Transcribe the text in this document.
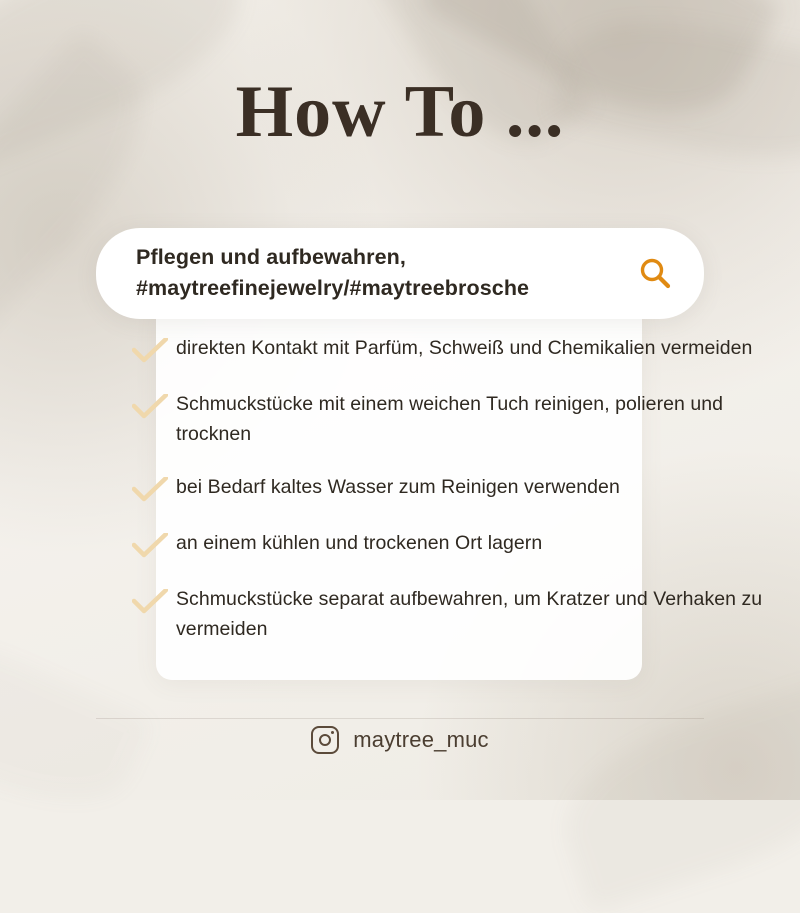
How To ...
Pflegen und aufbewahren,
#maytreefinejewelry/#maytreebrosche
direkten Kontakt mit Parfüm, Schweiß und Chemikalien vermeiden
Schmuckstücke mit einem weichen Tuch reinigen, polieren und trocknen
bei Bedarf kaltes Wasser zum Reinigen verwenden
an einem kühlen und trockenen Ort lagern
Schmuckstücke separat aufbewahren, um Kratzer und Verhaken zu vermeiden
maytree_muc
